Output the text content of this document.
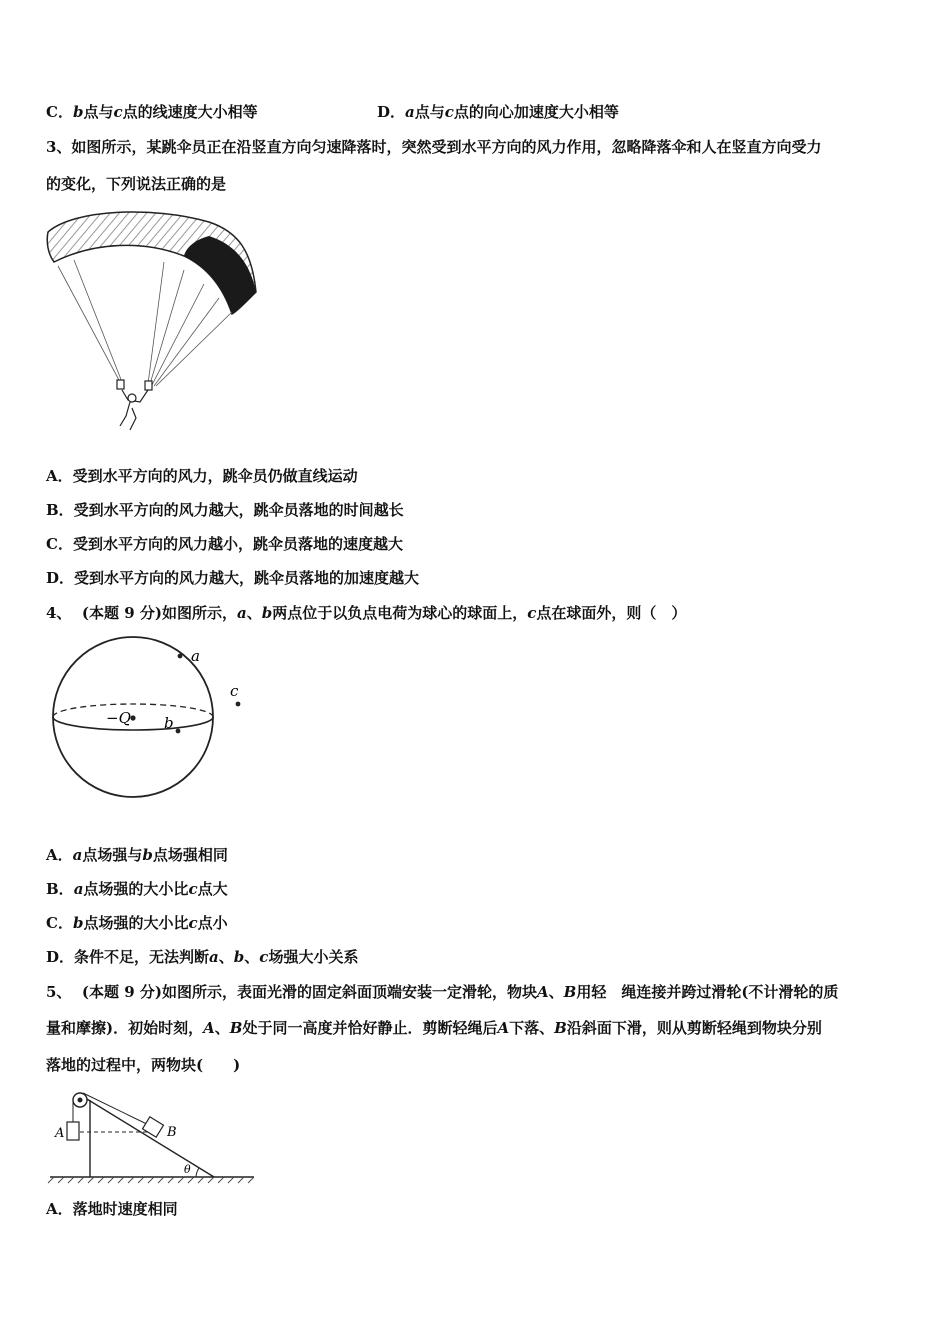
C．b点与c点的线速度大小相等	D．a点与c点的向心加速度大小相等
3、如图所示，某跳伞员正在沿竖直方向匀速降落时，突然受到水平方向的风力作用，忽略降落伞和人在竖直方向受力
的变化，下列说法正确的是
A．受到水平方向的风力，跳伞员仍做直线运动
B．受到水平方向的风力越大，跳伞员落地的时间越长
C．受到水平方向的风力越小，跳伞员落地的速度越大
D．受到水平方向的风力越大，跳伞员落地的加速度越大
4、 (本题 9 分)如图所示，a、b两点位于以负点电荷为球心的球面上，c点在球面外，则（　）
a
b
c
−Q
A．a点场强与b点场强相同
B．a点场强的大小比c点大
C．b点场强的大小比c点小
D．条件不足，无法判断a、b、c场强大小关系
5、 (本题 9 分)如图所示，表面光滑的固定斜面顶端安装一定滑轮，物块A、B用轻　绳连接并跨过滑轮(不计滑轮的质
量和摩擦)．初始时刻，A、B处于同一高度并恰好静止．剪断轻绳后A下落、B沿斜面下滑，则从剪断轻绳到物块分别
落地的过程中，两物块(　　)
A	B
θ
A．落地时速度相同
